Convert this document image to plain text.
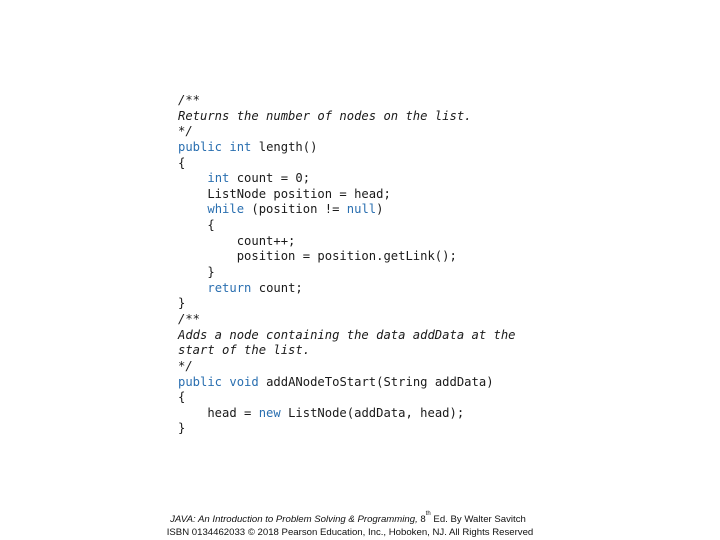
/**
Returns the number of nodes on the list.
*/
public int length()
{
int count = 0;
ListNode position = head;
while (position != null)
{
count++;
position = position.getLink();
}
return count;
}
/**
Adds a node containing the data addData at the
start of the list.
*/
public void addANodeToStart(String addData)
{
head = new ListNode(addData, head);
}
JAVA: An Introduction to Problem Solving & Programming, 8th Ed. By Walter Savitch
ISBN 0134462033 © 2018 Pearson Education, Inc., Hoboken, NJ. All Rights Reserved
